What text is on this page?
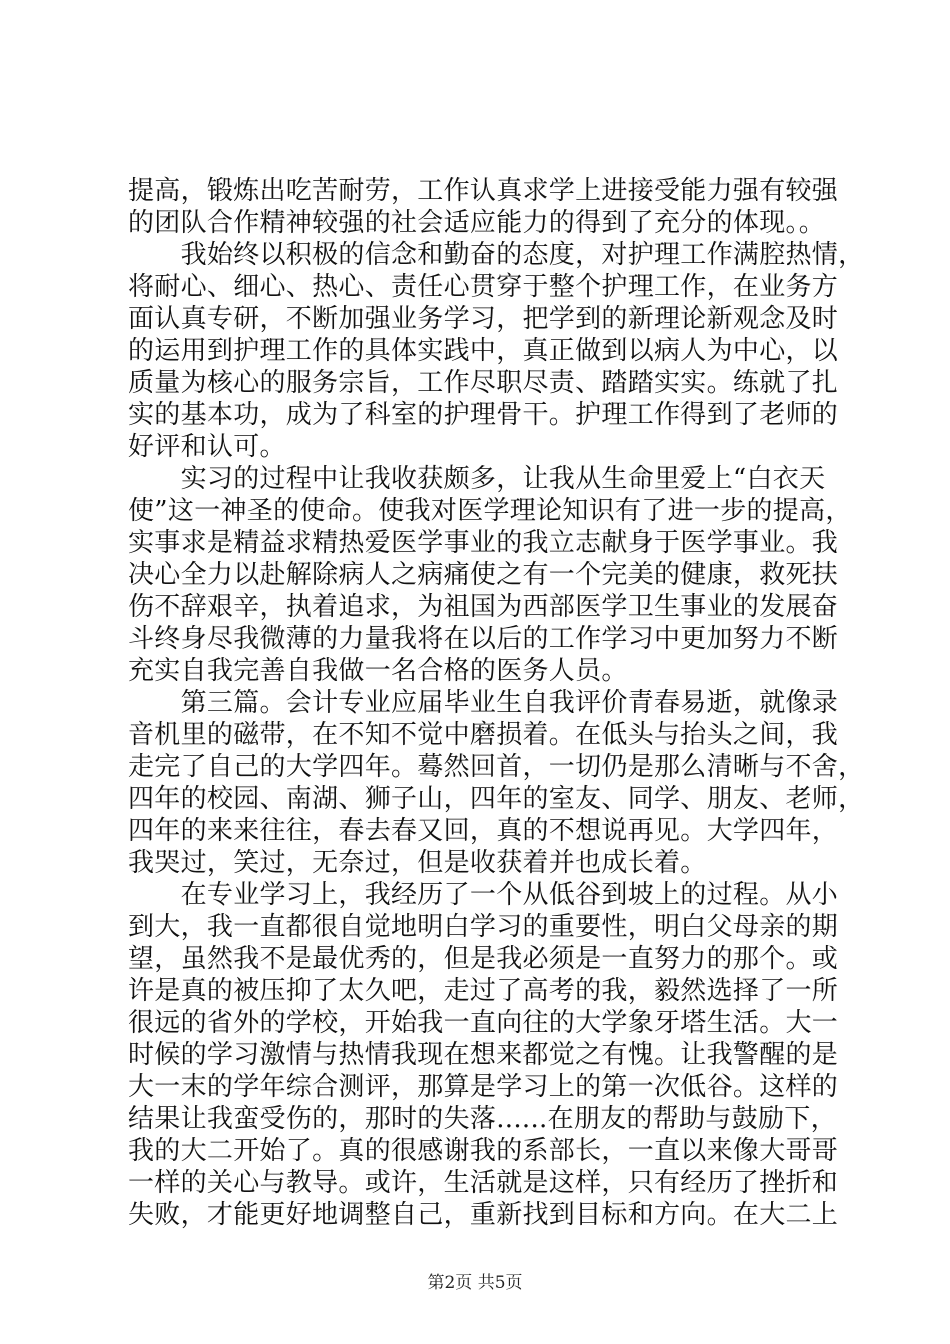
提高，锻炼出吃苦耐劳，工作认真求学上进接受能力强有较强
的团队合作精神较强的社会适应能力的得到了充分的体现。。
　　我始终以积极的信念和勤奋的态度，对护理工作满腔热情，
将耐心、细心、热心、责任心贯穿于整个护理工作，在业务方
面认真专研，不断加强业务学习，把学到的新理论新观念及时
的运用到护理工作的具体实践中，真正做到以病人为中心，以
质量为核心的服务宗旨，工作尽职尽责、踏踏实实。练就了扎
实的基本功，成为了科室的护理骨干。护理工作得到了老师的
好评和认可。
　　实习的过程中让我收获颇多，让我从生命里爱上“白衣天
使”这一神圣的使命。使我对医学理论知识有了进一步的提高，
实事求是精益求精热爱医学事业的我立志献身于医学事业。我
决心全力以赴解除病人之病痛使之有一个完美的健康，救死扶
伤不辞艰辛，执着追求，为祖国为西部医学卫生事业的发展奋
斗终身尽我微薄的力量我将在以后的工作学习中更加努力不断
充实自我完善自我做一名合格的医务人员。
　　第三篇。会计专业应届毕业生自我评价青春易逝，就像录
音机里的磁带，在不知不觉中磨损着。在低头与抬头之间，我
走完了自己的大学四年。蓦然回首，一切仍是那么清晰与不舍，
四年的校园、南湖、狮子山，四年的室友、同学、朋友、老师，
四年的来来往往，春去春又回，真的不想说再见。大学四年，
我哭过，笑过，无奈过，但是收获着并也成长着。
　　在专业学习上，我经历了一个从低谷到坡上的过程。从小
到大，我一直都很自觉地明白学习的重要性，明白父母亲的期
望，虽然我不是最优秀的，但是我必须是一直努力的那个。或
许是真的被压抑了太久吧，走过了高考的我，毅然选择了一所
很远的省外的学校，开始我一直向往的大学象牙塔生活。大一
时候的学习激情与热情我现在想来都觉之有愧。让我警醒的是
大一末的学年综合测评，那算是学习上的第一次低谷。这样的
结果让我蛮受伤的，那时的失落......在朋友的帮助与鼓励下，
我的大二开始了。真的很感谢我的系部长，一直以来像大哥哥
一样的关心与教导。或许，生活就是这样，只有经历了挫折和
失败，才能更好地调整自己，重新找到目标和方向。在大二上
第2页 共5页
